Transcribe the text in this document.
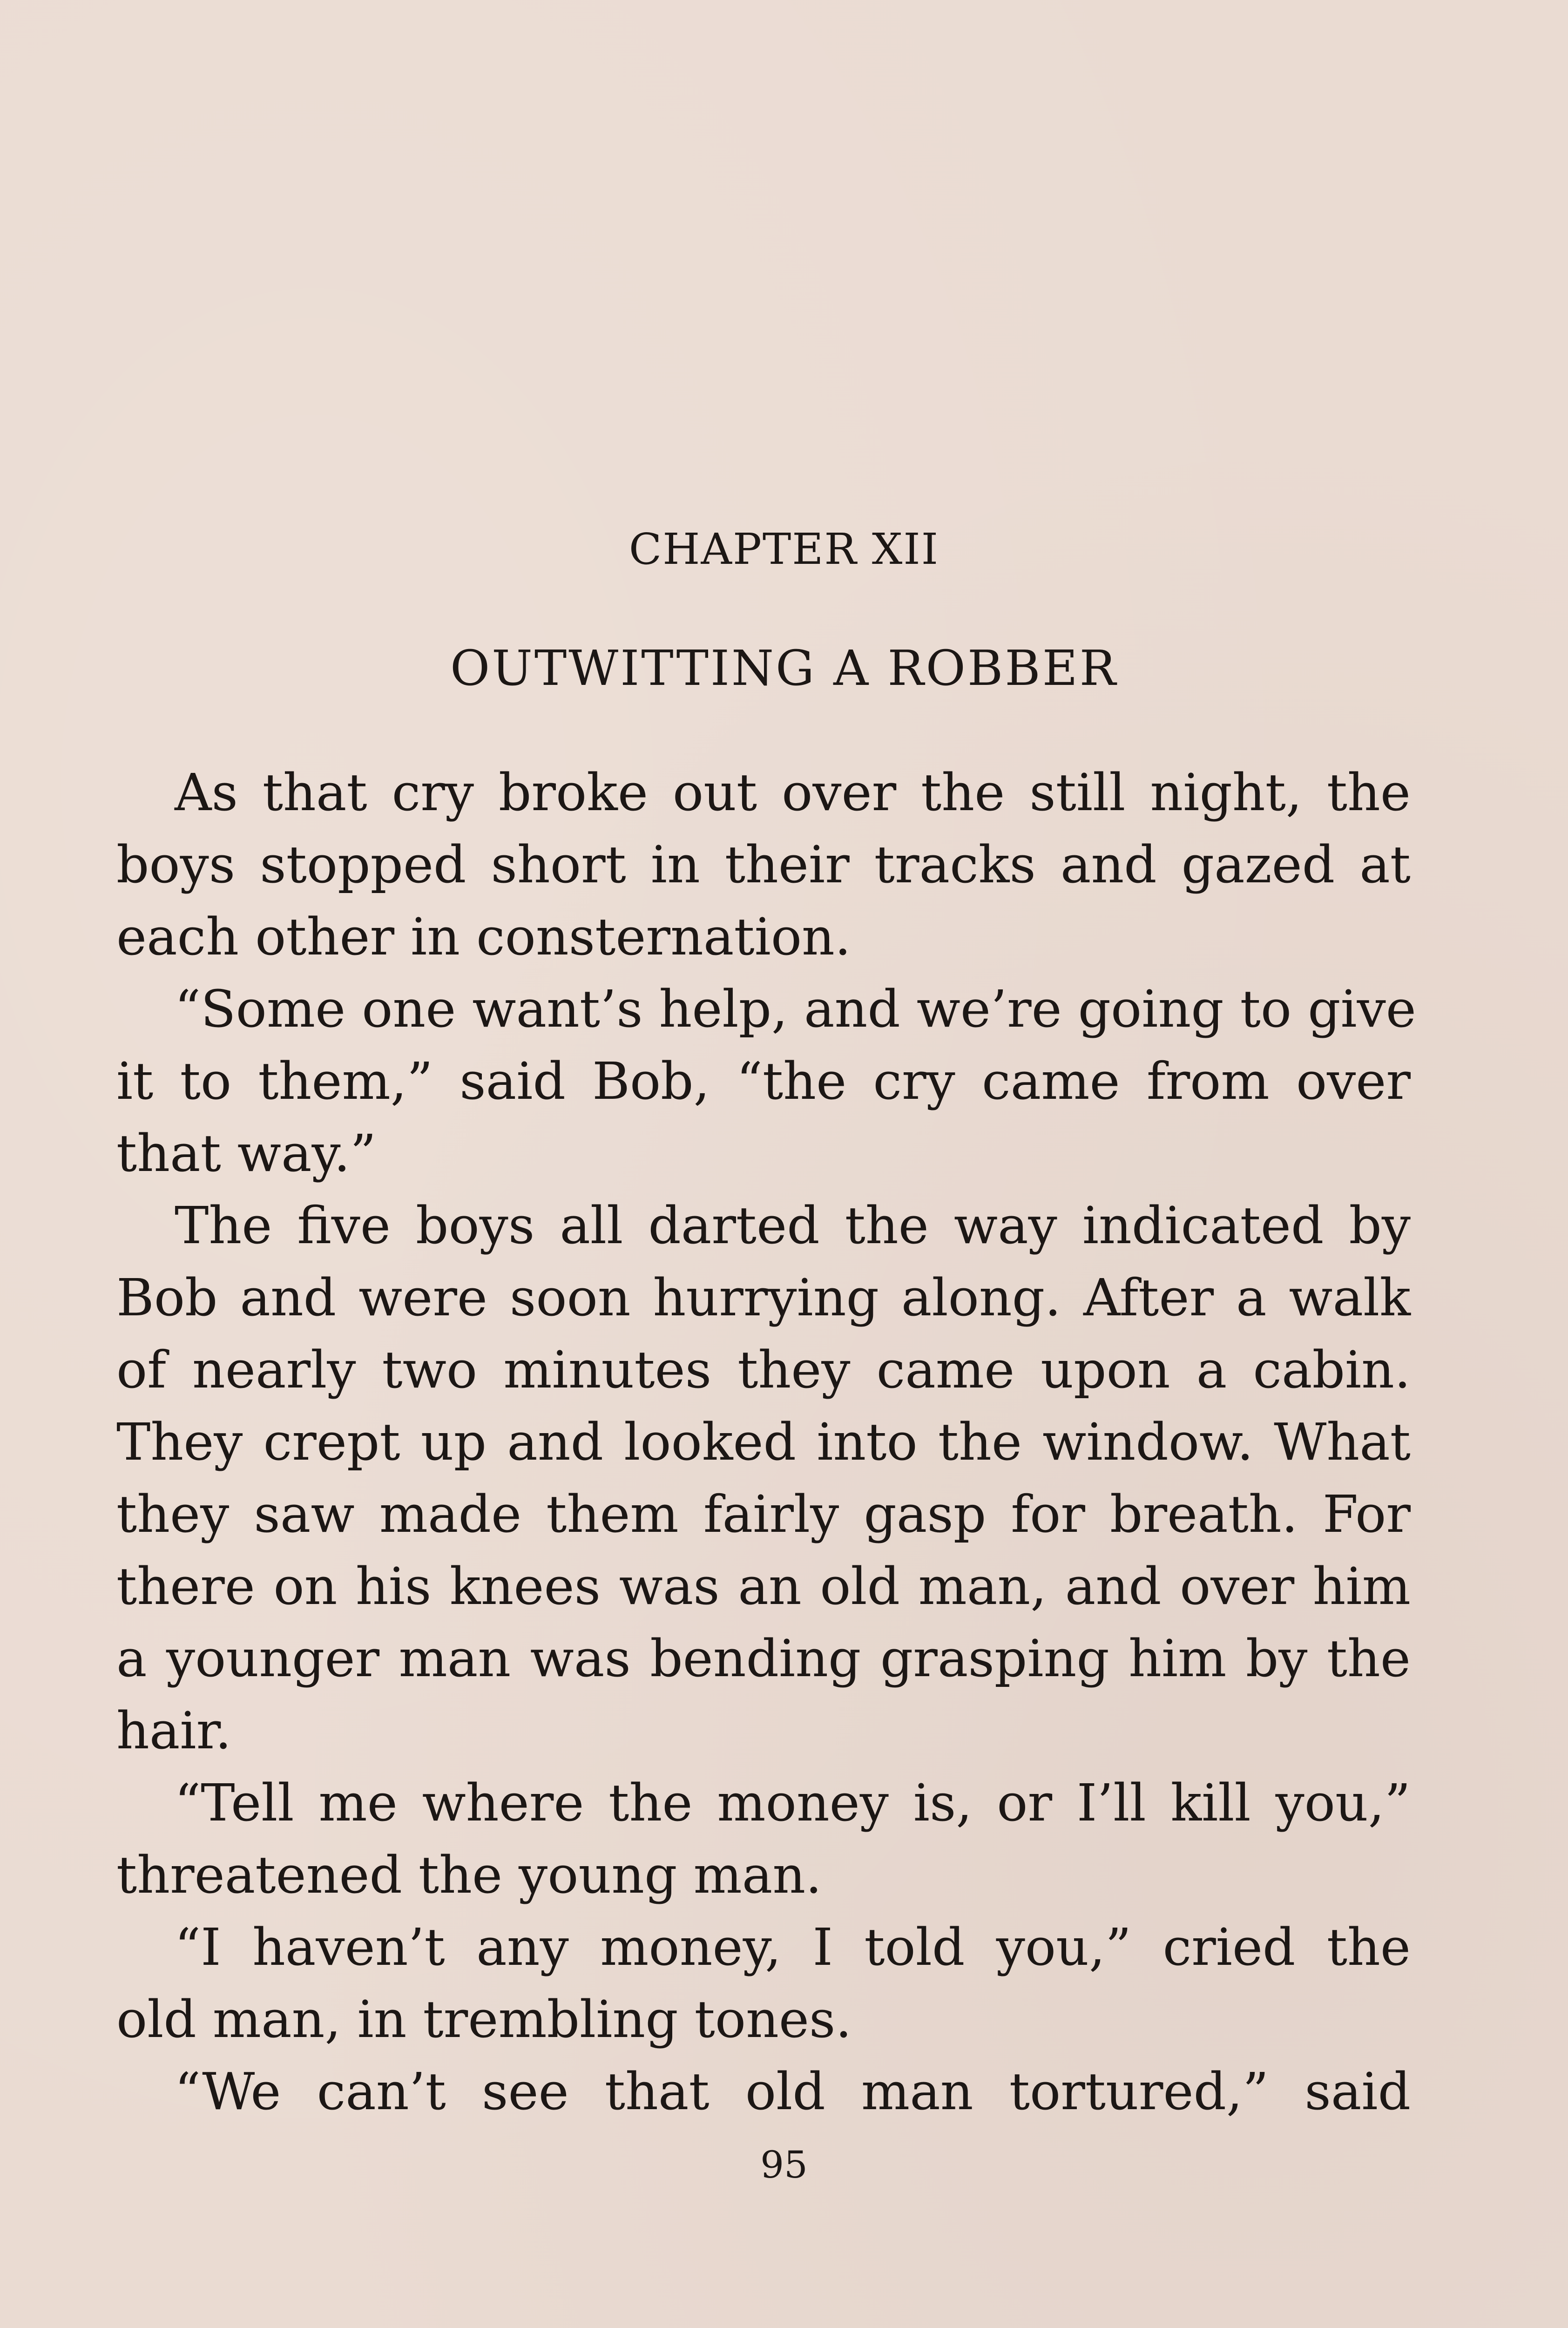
CHAPTER XII
OUTWITTING A ROBBER
As that cry broke out over the still night, the
boys stopped short in their tracks and gazed at
each other in consternation.
“Some one want’s help, and we’re going to give
it to them,” said Bob, “the cry came from over
that way.”
The five boys all darted the way indicated by
Bob and were soon hurrying along. After a walk
of nearly two minutes they came upon a cabin.
They crept up and looked into the window. What
they saw made them fairly gasp for breath. For
there on his knees was an old man, and over him
a younger man was bending grasping him by the
hair.
“Tell me where the money is, or I’ll kill you,”
threatened the young man.
“I haven’t any money, I told you,” cried the
old man, in trembling tones.
“We can’t see that old man tortured,” said
95
